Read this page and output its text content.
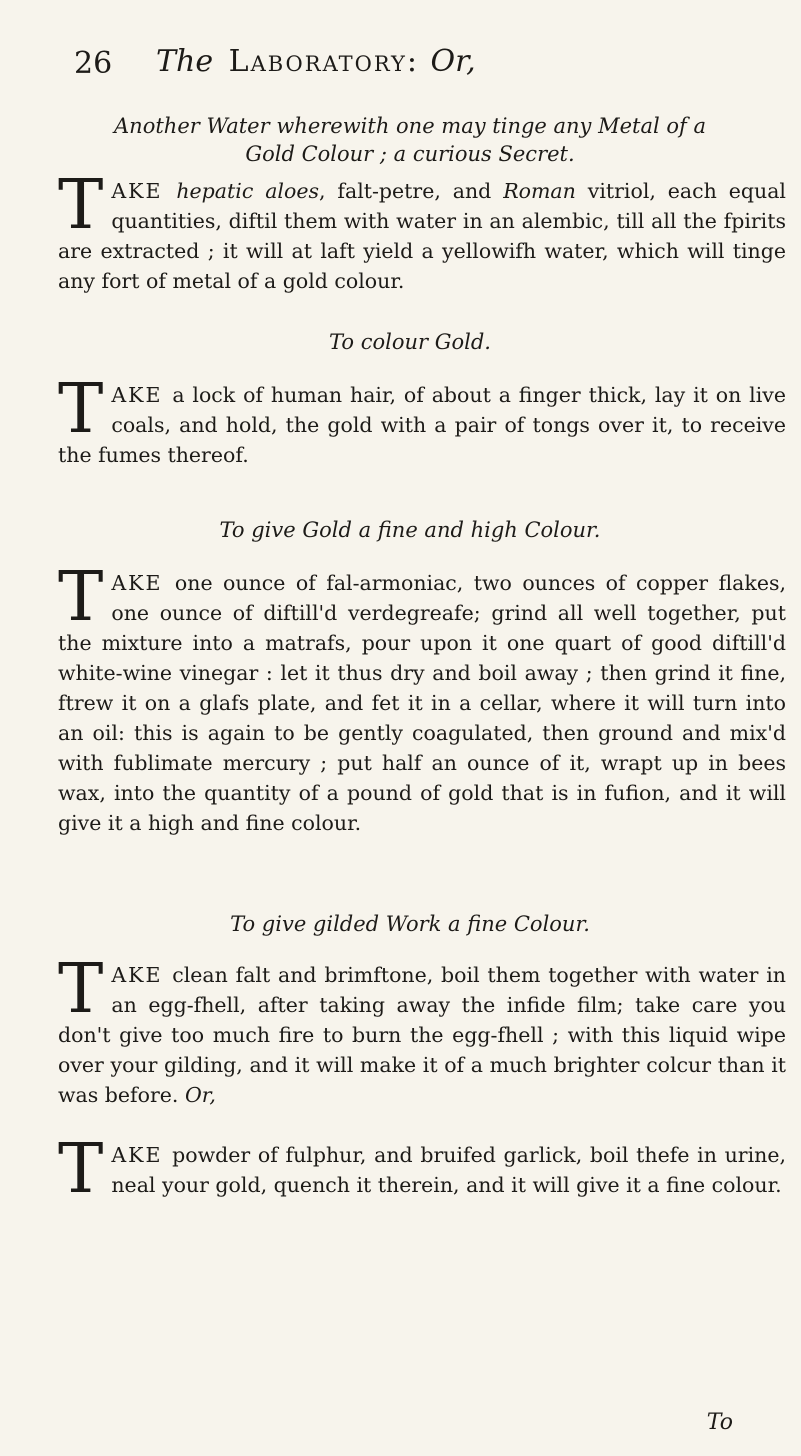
26 The Laboratory: Or,
Another Water wherewith one may tinge any Metal of a
Gold Colour ; a curious Secret.

TAKE hepatic aloes, falt-petre, and Roman vitriol, each equal quantities, diftil them with water in an alembic, till all the fpirits are extracted ; it will at laft yield a yellowifh water, which will tinge any fort of metal of a gold colour.

To colour Gold.

TAKE a lock of human hair, of about a finger thick, lay it on live coals, and hold, the gold with a pair of tongs over it, to receive the fumes thereof.

To give Gold a fine and high Colour.

TAKE one ounce of fal-armoniac, two ounces of copper flakes, one ounce of diftill'd verdegreafe; grind all well together, put the mixture into a matrafs, pour upon it one quart of good diftill'd white-wine vinegar : let it thus dry and boil away ; then grind it fine, ftrew it on a glafs plate, and fet it in a cellar, where it will turn into an oil: this is again to be gently coagulated, then ground and mix'd with fublimate mercury ; put half an ounce of it, wrapt up in bees wax, into the quantity of a pound of gold that is in fufion, and it will give it a high and fine colour.

To give gilded Work a fine Colour.

TAKE clean falt and brimftone, boil them together with water in an egg-fhell, after taking away the infide film; take care you don't give too much fire to burn the egg-fhell ; with this liquid wipe over your gilding, and it will make it of a much brighter colcur than it was before. Or,

TAKE powder of fulphur, and bruifed garlick, boil thefe in urine, neal your gold, quench it therein, and it will give it a fine colour.

To
